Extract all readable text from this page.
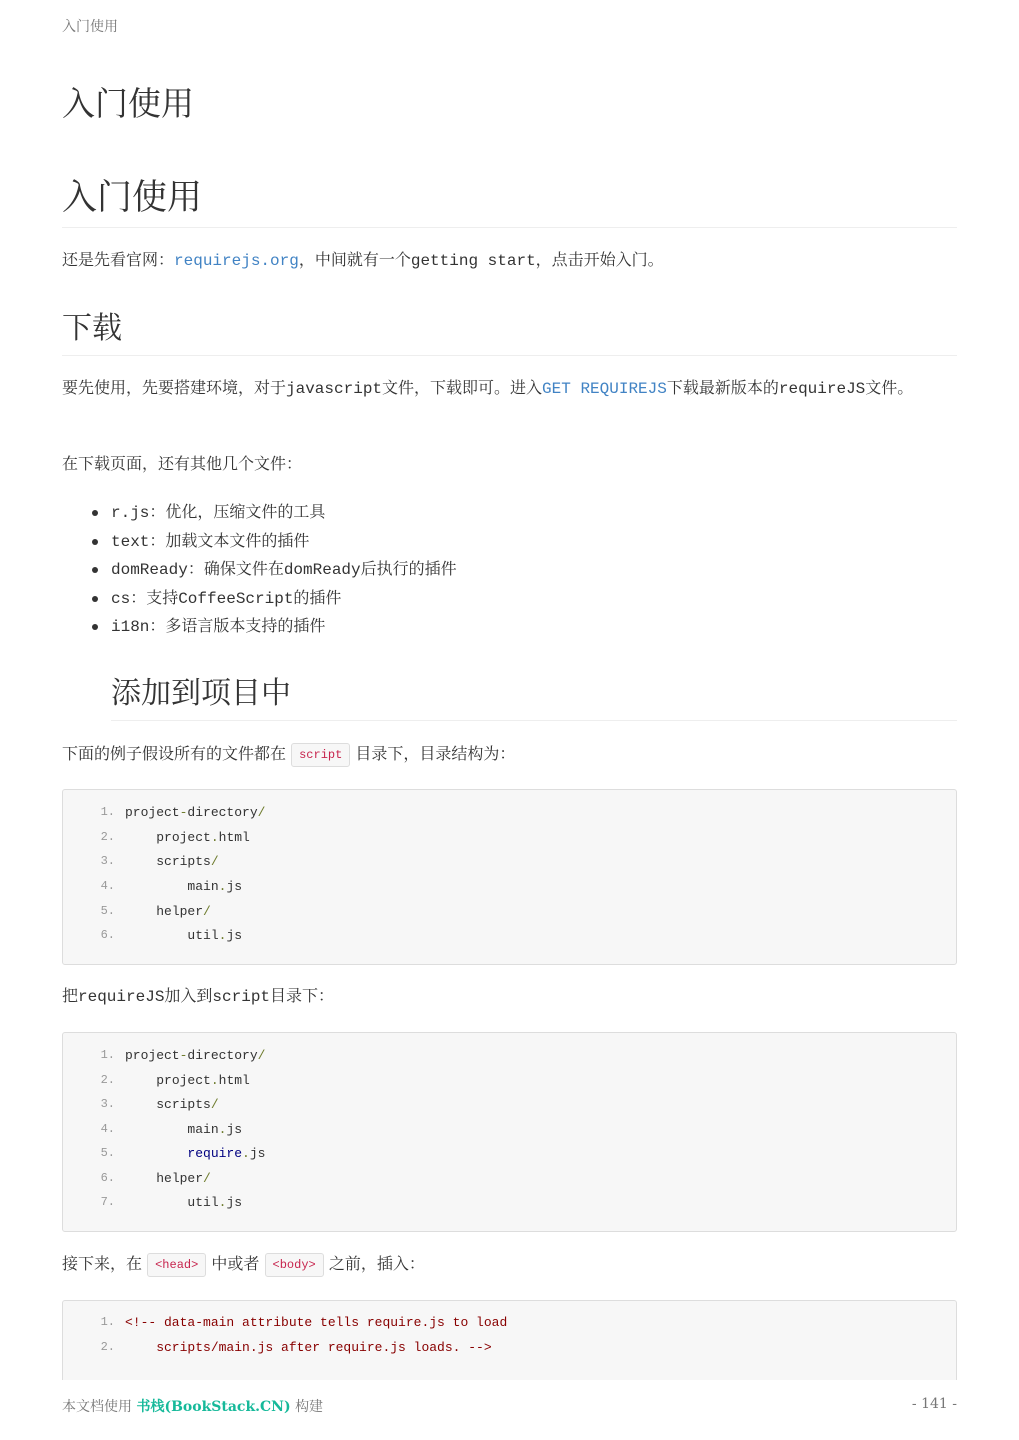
入门使用
入门使用
入门使用

还是先看官网：requirejs.org，中间就有一个getting start，点击开始入门。

下载

要先使用，先要搭建环境，对于javascript文件，下载即可。进入GET REQUIREJS下载最新版本的requireJS文件。

在下载页面，还有其他几个文件：

r.js：优化，压缩文件的工具
text：加载文本文件的插件
domReady：确保文件在domReady后执行的插件
cs：支持CoffeeScript的插件
i18n：多语言版本支持的插件
添加到项目中

下面的例子假设所有的文件都在 script 目录下，目录结构为：

1. project-directory/
2.	project.html
3.	scripts/
4.	main.js
5.	helper/
6.	util.js

把requireJS加入到script目录下：

1. project-directory/
2.	project.html
3.	scripts/
4.	main.js
5.	require.js
6.	helper/
7.	util.js

接下来，在 <head> 中或者 <body> 之前，插入：

1. <!-- data-main attribute tells require.js to load
2. scripts/main.js after require.js loads. -->
本文档使用 书栈(BookStack.CN) 构建	- 141 -
